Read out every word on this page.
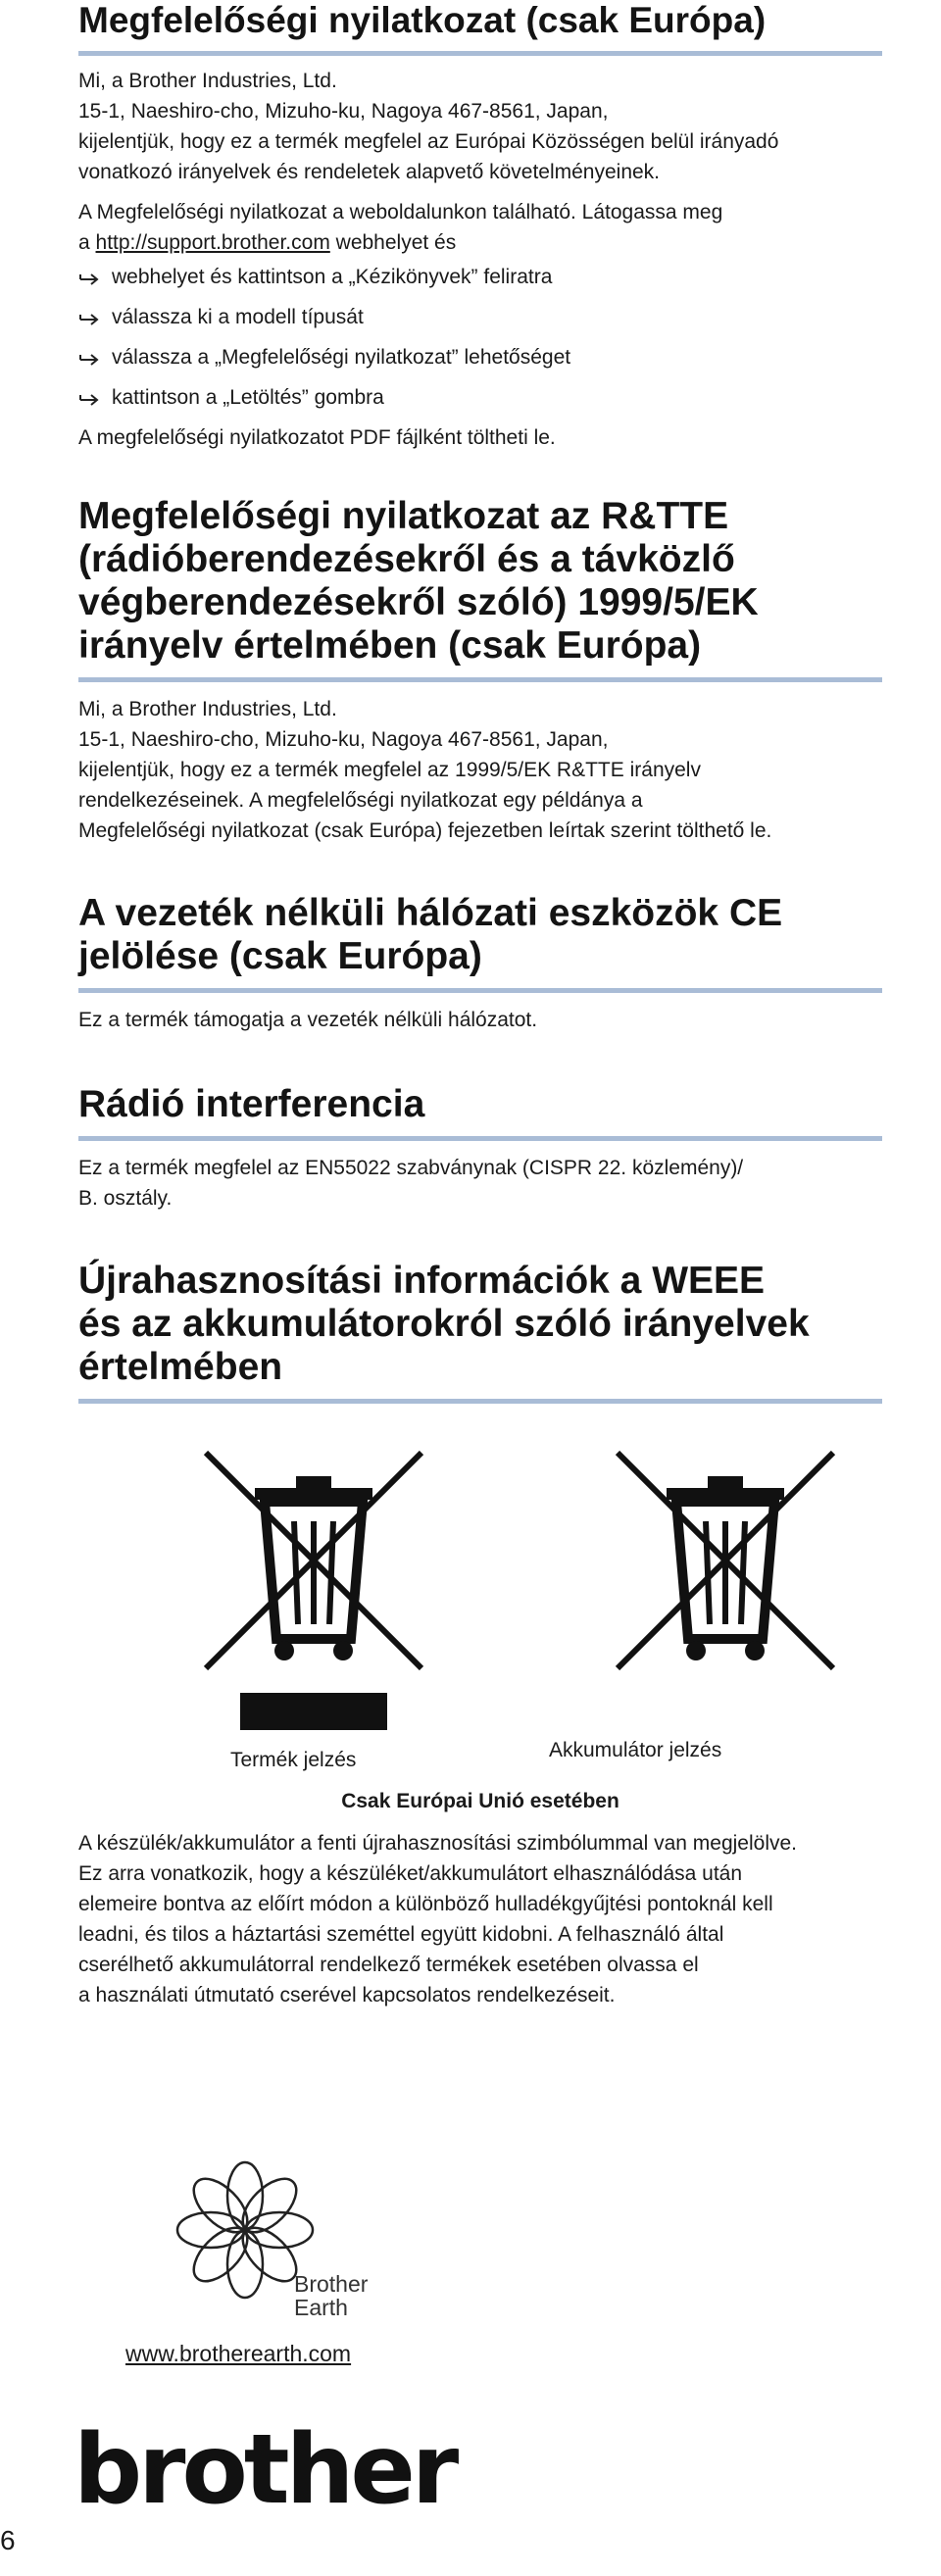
Megfelelőségi nyilatkozat (csak Európa)

Mi, a Brother Industries, Ltd.

15-1, Naeshiro-cho, Mizuho-ku, Nagoya 467-8561, Japan,

kijelentjük, hogy ez a termék megfelel az Európai Közösségen belül irányadó

vonatkozó irányelvek és rendeletek alapvető követelményeinek.

A Megfelelőségi nyilatkozat a weboldalunkon található. Látogassa meg

a http://support.brother.com webhelyet és

webhelyet és kattintson a „Kézikönyvek” feliratra
válassza ki a modell típusát
válassza a „Megfelelőségi nyilatkozat” lehetőséget
kattintson a „Letöltés” gombra

A megfelelőségi nyilatkozatot PDF fájlként töltheti le.

Megfelelőségi nyilatkozat az R&TTE
(rádióberendezésekről és a távközlő
végberendezésekről szóló) 1999/5/EK
irányelv értelmében (csak Európa)

Mi, a Brother Industries, Ltd.

15-1, Naeshiro-cho, Mizuho-ku, Nagoya 467-8561, Japan,

kijelentjük, hogy ez a termék megfelel az 1999/5/EK R&TTE irányelv

rendelkezéseinek. A megfelelőségi nyilatkozat egy példánya a

Megfelelőségi nyilatkozat (csak Európa) fejezetben leírtak szerint tölthető le.

A vezeték nélküli hálózati eszközök CE
jelölése (csak Európa)

Ez a termék támogatja a vezeték nélküli hálózatot.

Rádió interferencia

Ez a termék megfelel az EN55022 szabványnak (CISPR 22. közlemény)/

B. osztály.

Újrahasznosítási információk a WEEE
és az akkumulátorokról szóló irányelvek
értelmében
Termék jelzés	Akkumulátor jelzés

Csak Európai Unió esetében

A készülék/akkumulátor a fenti újrahasznosítási szimbólummal van megjelölve.

Ez arra vonatkozik, hogy a készüléket/akkumulátort elhasználódása után

elemeire bontva az előírt módon a különböző hulladékgyűjtési pontoknál kell

leadni, és tilos a háztartási szeméttel együtt kidobni. A felhasználó által

cserélhető akkumulátorral rendelkező termékek esetében olvassa el

a használati útmutató cserével kapcsolatos rendelkezéseit.

Brother
Earth
www.brotherearth.com
brother
6
